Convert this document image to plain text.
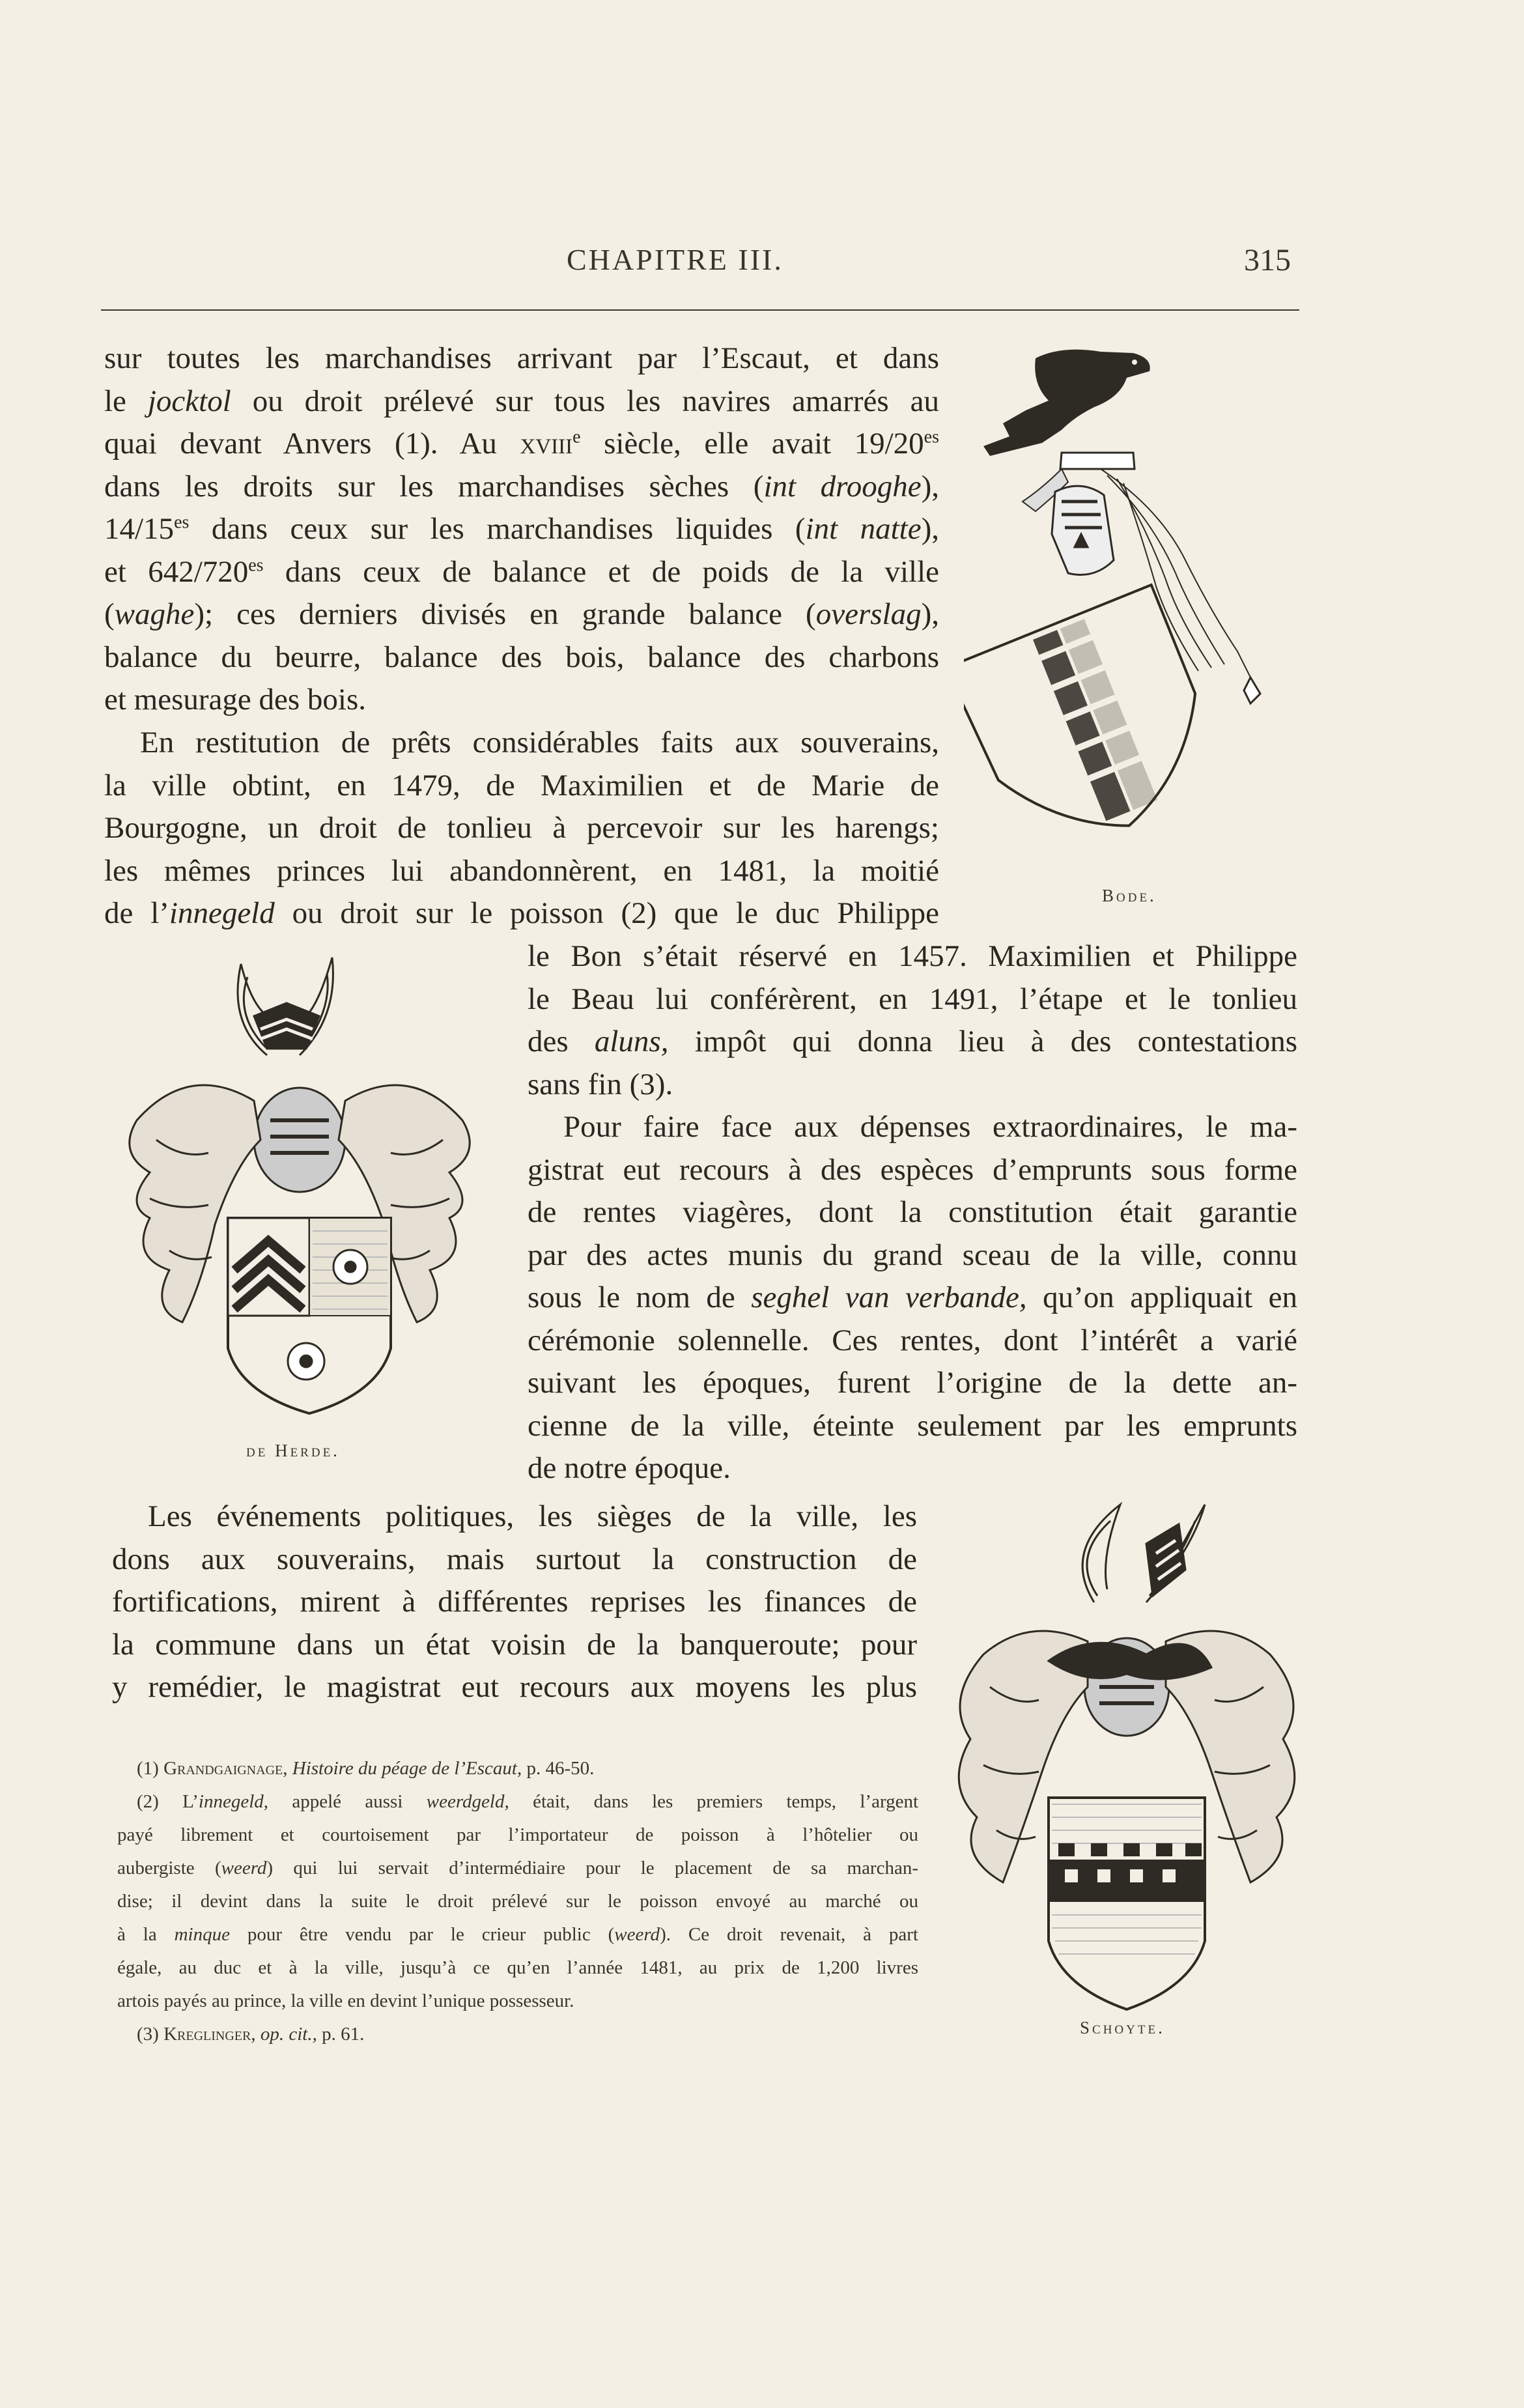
CHAPITRE III.	315
sur toutes les marchandises arrivant par l’Escaut, et dans
le jocktol ou droit prélevé sur tous les navires amarrés au
quai devant Anvers (1). Au xviii$^e$ siècle, elle avait $19/20^{es}$
dans les droits sur les marchandises sèches (int drooghe),
$14/15^{es}$ dans ceux sur les marchandises liquides (int natte),
et $642/720^{es}$ dans ceux de balance et de poids de la ville
(waghe); ces derniers divisés en grande balance (overslag),
balance du beurre, balance des bois, balance des charbons
et mesurage des bois.
En restitution de prêts considérables faits aux souverains,
la ville obtint, en 1479, de Maximilien et de Marie de
Bourgogne, un droit de tonlieu à percevoir sur les harengs;
les mêmes princes lui abandonnèrent, en 1481, la moitié
de l’innegeld ou droit sur le poisson (2) que le duc Philippe
le Bon s’était réservé en 1457. Maximilien et Philippe
le Beau lui conférèrent, en 1491, l’étape et le tonlieu
des aluns, impôt qui donna lieu à des contestations
sans fin (3).
Pour faire face aux dépenses extraordinaires, le ma-
gistrat eut recours à des espèces d’emprunts sous forme
de rentes viagères, dont la constitution était garantie
par des actes munis du grand sceau de la ville, connu
sous le nom de seghel van verbande, qu’on appliquait en
cérémonie solennelle. Ces rentes, dont l’intérêt a varié
suivant les époques, furent l’origine de la dette an-
cienne de la ville, éteinte seulement par les emprunts
de notre époque.
Les événements politiques, les sièges de la ville, les
dons aux souverains, mais surtout la construction de
fortifications, mirent à différentes reprises les finances de
la commune dans un état voisin de la banqueroute; pour
y remédier, le magistrat eut recours aux moyens les plus
(1) Grandgaignage, Histoire du péage de l’Escaut, p. 46-50.
(2) L’innegeld, appelé aussi weerdgeld, était, dans les premiers temps, l’argent
payé librement et courtoisement par l’importateur de poisson à l’hôtelier ou
aubergiste (weerd) qui lui servait d’intermédiaire pour le placement de sa marchan-
dise; il devint dans la suite le droit prélevé sur le poisson envoyé au marché ou
à la minque pour être vendu par le crieur public (weerd). Ce droit revenait, à part
égale, au duc et à la ville, jusqu’à ce qu’en l’année 1481, au prix de 1,200 livres
artois payés au prince, la ville en devint l’unique possesseur.
(3) Kreglinger, op. cit., p. 61.
Bode.
de Herde.
Schoyte.
